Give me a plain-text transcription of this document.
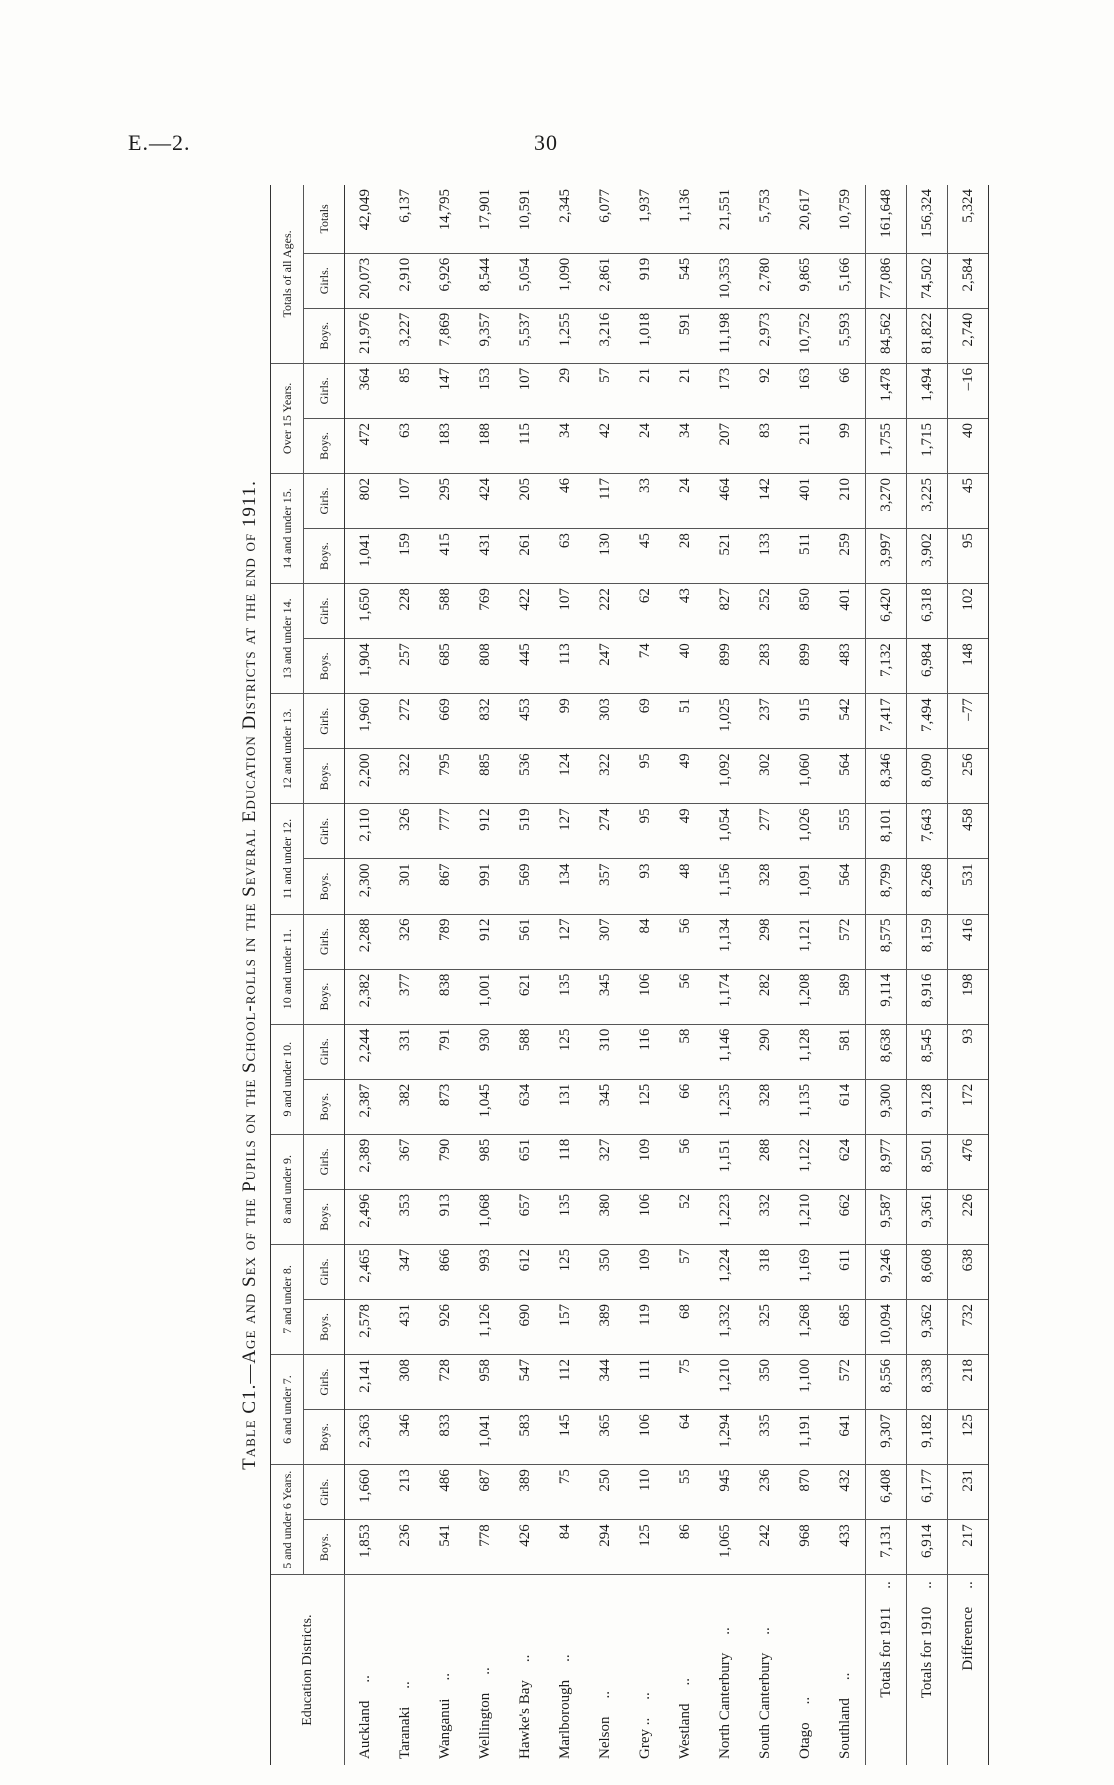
E.—2.	30
Table C1.—Age and Sex of the Pupils on the School-rolls in the Several Education Districts at the end of 1911.
Education Districts.	5 and under 6 Years.		6 and under 7.		7 and under 8.		8 and under 9.		9 and under 10.		10 and under 11.		11 and under 12.		12 and under 13.		13 and under 14.		14 and under 15.		Over 15 Years.		Totals of all Ages.		
	Boys.	Girls.	Boys.	Girls.	Boys.	Girls.	Boys.	Girls.	Boys.	Girls.	Boys.	Girls.	Boys.	Girls.	Boys.	Girls.	Boys.	Girls.	Boys.	Girls.	Boys.	Girls.	Boys.	Girls.	Totals
Auckland..	1,853	1,660	2,363	2,141	2,578	2,465	2,496	2,389	2,387	2,244	2,382	2,288	2,300	2,110	2,200	1,960	1,904	1,650	1,041	802	472	364	21,976	20,073	42,049
Taranaki..	236	213	346	308	431	347	353	367	382	331	377	326	301	326	322	272	257	228	159	107	63	85	3,227	2,910	6,137
Wanganui..	541	486	833	728	926	866	913	790	873	791	838	789	867	777	795	669	685	588	415	295	183	147	7,869	6,926	14,795
Wellington..	778	687	1,041	958	1,126	993	1,068	985	1,045	930	1,001	912	991	912	885	832	808	769	431	424	188	153	9,357	8,544	17,901
Hawke's Bay..	426	389	583	547	690	612	657	651	634	588	621	561	569	519	536	453	445	422	261	205	115	107	5,537	5,054	10,591
Marlborough..	84	75	145	112	157	125	135	118	131	125	135	127	134	127	124	99	113	107	63	46	34	29	1,255	1,090	2,345
Nelson..	294	250	365	344	389	350	380	327	345	310	345	307	357	274	322	303	247	222	130	117	42	57	3,216	2,861	6,077
Grey ....	125	110	106	111	119	109	106	109	125	116	106	84	93	95	95	69	74	62	45	33	24	21	1,018	919	1,937
Westland..	86	55	64	75	68	57	52	56	66	58	56	56	48	49	49	51	40	43	28	24	34	21	591	545	1,136
North Canterbury..	1,065	945	1,294	1,210	1,332	1,224	1,223	1,151	1,235	1,146	1,174	1,134	1,156	1,054	1,092	1,025	899	827	521	464	207	173	11,198	10,353	21,551
South Canterbury..	242	236	335	350	325	318	332	288	328	290	282	298	328	277	302	237	283	252	133	142	83	92	2,973	2,780	5,753
Otago..	968	870	1,191	1,100	1,268	1,169	1,210	1,122	1,135	1,128	1,208	1,121	1,091	1,026	1,060	915	899	850	511	401	211	163	10,752	9,865	20,617
Southland..	433	432	641	572	685	611	662	624	614	581	589	572	564	555	564	542	483	401	259	210	99	66	5,593	5,166	10,759
Totals for 1911..	7,131	6,408	9,307	8,556	10,094	9,246	9,587	8,977	9,300	8,638	9,114	8,575	8,799	8,101	8,346	7,417	7,132	6,420	3,997	3,270	1,755	1,478	84,562	77,086	161,648
Totals for 1910..	6,914	6,177	9,182	8,338	9,362	8,608	9,361	8,501	9,128	8,545	8,916	8,159	8,268	7,643	8,090	7,494	6,984	6,318	3,902	3,225	1,715	1,494	81,822	74,502	156,324
Difference..	217	231	125	218	732	638	226	476	172	93	198	416	531	458	256	–77	148	102	95	45	40	–16	2,740	2,584	5,324
